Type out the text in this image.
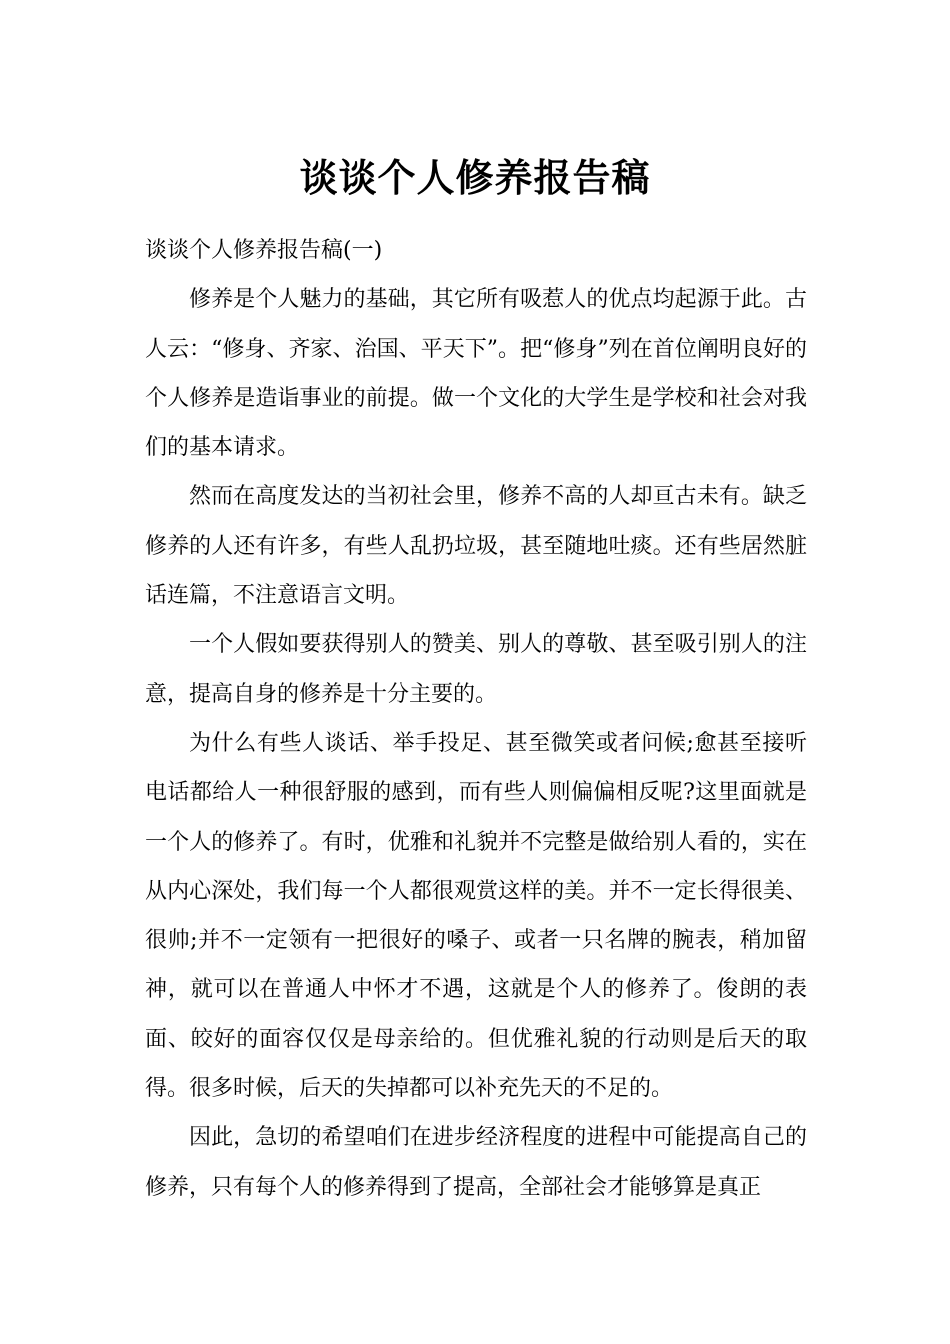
谈谈个人修养报告稿

谈谈个人修养报告稿(一)

修养是个人魅力的基础，其它所有吸惹人的优点均起源于此。古人云：“修身、齐家、治国、平天下”。把“修身”列在首位阐明良好的个人修养是造诣事业的前提。做一个文化的大学生是学校和社会对我们的基本请求。

然而在高度发达的当初社会里，修养不高的人却亘古未有。缺乏修养的人还有许多，有些人乱扔垃圾，甚至随地吐痰。还有些居然脏话连篇，不注意语言文明。

一个人假如要获得别人的赞美、别人的尊敬、甚至吸引别人的注意，提高自身的修养是十分主要的。

为什么有些人谈话、举手投足、甚至微笑或者问候;愈甚至接听电话都给人一种很舒服的感到，而有些人则偏偏相反呢?这里面就是一个人的修养了。有时，优雅和礼貌并不完整是做给别人看的，实在从内心深处，我们每一个人都很观赏这样的美。并不一定长得很美、很帅;并不一定领有一把很好的嗓子、或者一只名牌的腕表，稍加留神，就可以在普通人中怀才不遇，这就是个人的修养了。俊朗的表面、皎好的面容仅仅是母亲给的。但优雅礼貌的行动则是后天的取得。很多时候，后天的失掉都可以补充先天的不足的。

因此，急切的希望咱们在进步经济程度的进程中可能提高自己的修养，只有每个人的修养得到了提高，全部社会才能够算是真正
